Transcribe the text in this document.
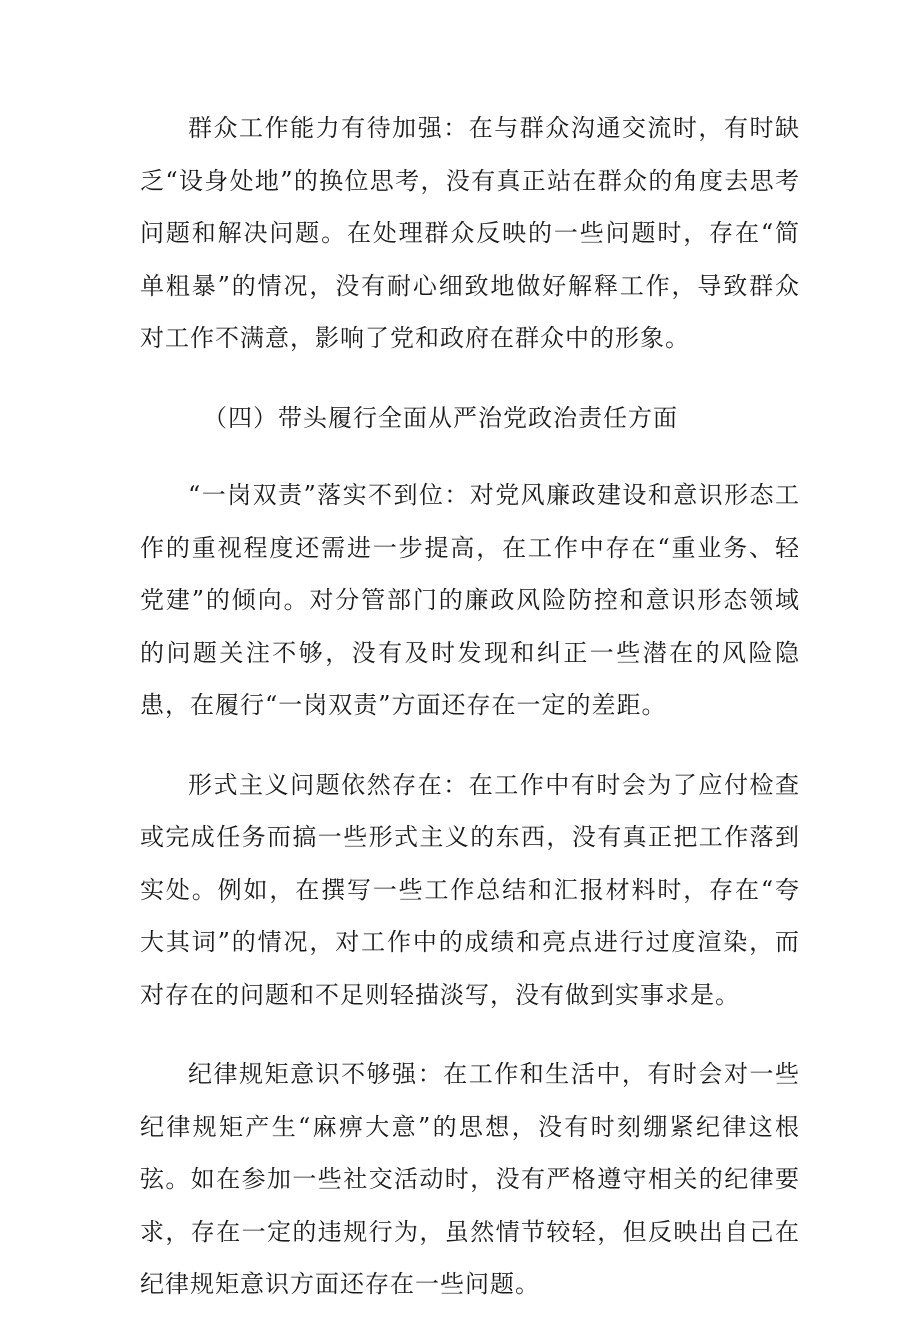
群众工作能力有待加强：在与群众沟通交流时，有时缺乏“设身处地”的换位思考，没有真正站在群众的角度去思考问题和解决问题。在处理群众反映的一些问题时，存在“简单粗暴”的情况，没有耐心细致地做好解释工作，导致群众对工作不满意，影响了党和政府在群众中的形象。

（四）带头履行全面从严治党政治责任方面

“一岗双责”落实不到位：对党风廉政建设和意识形态工作的重视程度还需进一步提高，在工作中存在“重业务、轻党建”的倾向。对分管部门的廉政风险防控和意识形态领域的问题关注不够，没有及时发现和纠正一些潜在的风险隐患，在履行“一岗双责”方面还存在一定的差距。

形式主义问题依然存在：在工作中有时会为了应付检查或完成任务而搞一些形式主义的东西，没有真正把工作落到实处。例如，在撰写一些工作总结和汇报材料时，存在“夸大其词”的情况，对工作中的成绩和亮点进行过度渲染，而对存在的问题和不足则轻描淡写，没有做到实事求是。

纪律规矩意识不够强：在工作和生活中，有时会对一些纪律规矩产生“麻痹大意”的思想，没有时刻绷紧纪律这根弦。如在参加一些社交活动时，没有严格遵守相关的纪律要求，存在一定的违规行为，虽然情节较轻，但反映出自己在纪律规矩意识方面还存在一些问题。
